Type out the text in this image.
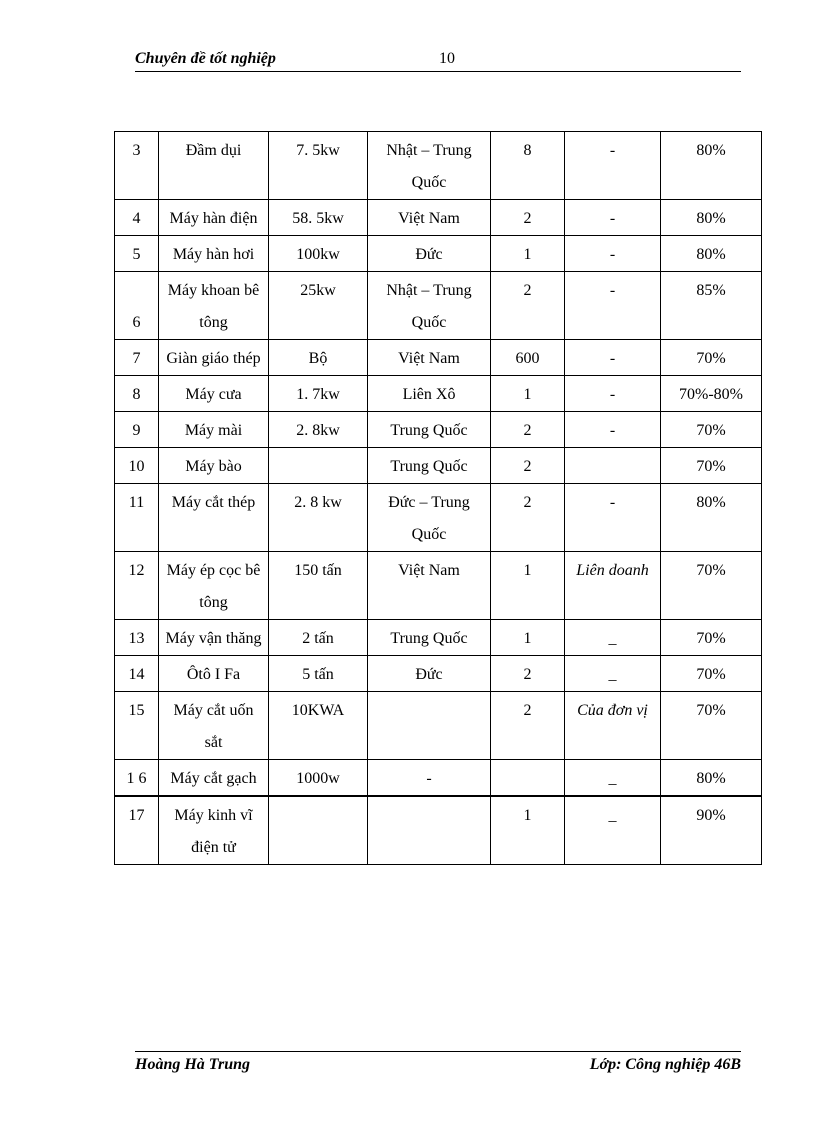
Chuyên đề tốt nghiệp	10
3	Đầm dụi	7. 5kw	Nhật – Trung Quốc	8	-	80%
4	Máy hàn điện	58. 5kw	Việt Nam	2	-	80%
5	Máy hàn hơi	100kw	Đức	1	-	80%
6	Máy khoan bê tông	25kw	Nhật – Trung Quốc	2	-	85%
7	Giàn giáo thép	Bộ	Việt Nam	600	-	70%
8	Máy cưa	1. 7kw	Liên Xô	1	-	70%-80%
9	Máy mài	2. 8kw	Trung Quốc	2	-	70%
10	Máy bào		Trung Quốc	2		70%
11	Máy cắt thép	2. 8 kw	Đức – Trung Quốc	2	-	80%
12	Máy ép cọc bê tông	150 tấn	Việt Nam	1	Liên doanh	70%
13	Máy vận thăng	2 tấn	Trung Quốc	1	_	70%
14	Ôtô I Fa	5 tấn	Đức	2	_	70%
15	Máy cắt uốn sắt	10KWA		2	Của đơn vị	70%
1 6	Máy cắt gạch	1000w	-		_	80%
17	Máy kinh vĩ điện tử			1	_	90%
Hoàng Hà Trung	Lớp: Công nghiệp 46B
